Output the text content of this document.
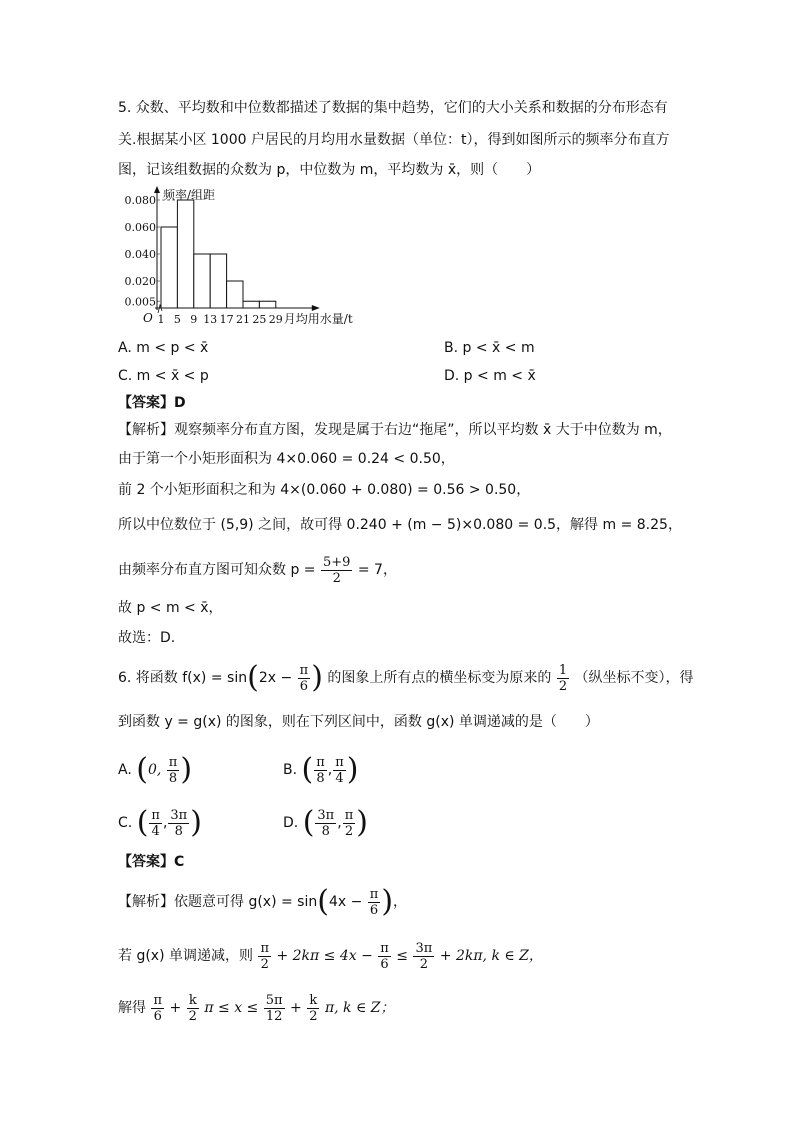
5. 众数、平均数和中位数都描述了数据的集中趋势，它们的大小关系和数据的分布形态有
关.根据某小区 1000 户居民的月均用水量数据（单位：t），得到如图所示的频率分布直方
图，记该组数据的众数为 p，中位数为 m，平均数为 x̄，则（　　）
0.080
0.060
0.040
0.020
0.005
O 1 5 9 13 17 21 25 29
频率/组距
月均用水量/t
A. m < p < x̄	B. p < x̄ < m
C. m < x̄ < p	D. p < m < x̄
【答案】D
【解析】观察频率分布直方图，发现是属于右边“拖尾”，所以平均数 x̄ 大于中位数为 m，
由于第一个小矩形面积为 4×0.060 = 0.24 < 0.50，
前 2 个小矩形面积之和为 4×(0.060 + 0.080) = 0.56 > 0.50，
所以中位数位于 (5,9) 之间，故可得 0.240 + (m − 5)×0.080 = 0.5，解得 m = 8.25，
由频率分布直方图可知众数 $p = \frac{5+9}{2} = 7$，
故 p < m < x̄，
故选：D.
6. 将函数 $f(x) = \sin(2x - \frac{\pi}{6}$ ) 的图象上所有点的横坐标变为原来的 $\frac{1}{2}$ （纵坐标不变），得
到函数 y = g(x) 的图象，则在下列区间中，函数 g(x) 单调递减的是（　　）
A. (0, $\frac{\pi}{8}$ )	B. ( $\frac{\pi}{8}$ , $\frac{\pi}{4}$ )
C. ( $\frac{\pi}{4}$ , $\frac{3\pi}{8}$ )	D. ( $\frac{3\pi}{8}$ , $\frac{\pi}{2}$ )
【答案】C
【解析】依题意可得 $g(x) = \sin(4x - \frac{\pi}{6}$ )，
若 g(x) 单调递减，则 $\frac{\pi}{2} + 2k\pi \le 4x - \frac{\pi}{6} \le \frac{3\pi}{2} + 2k\pi$, k ∈ Z，
解得 $\frac{\pi}{6} + \frac{k}{2}$ $\pi \le x \le \frac{5\pi}{12} + \frac{k}{2} \pi$, k ∈ Z；
